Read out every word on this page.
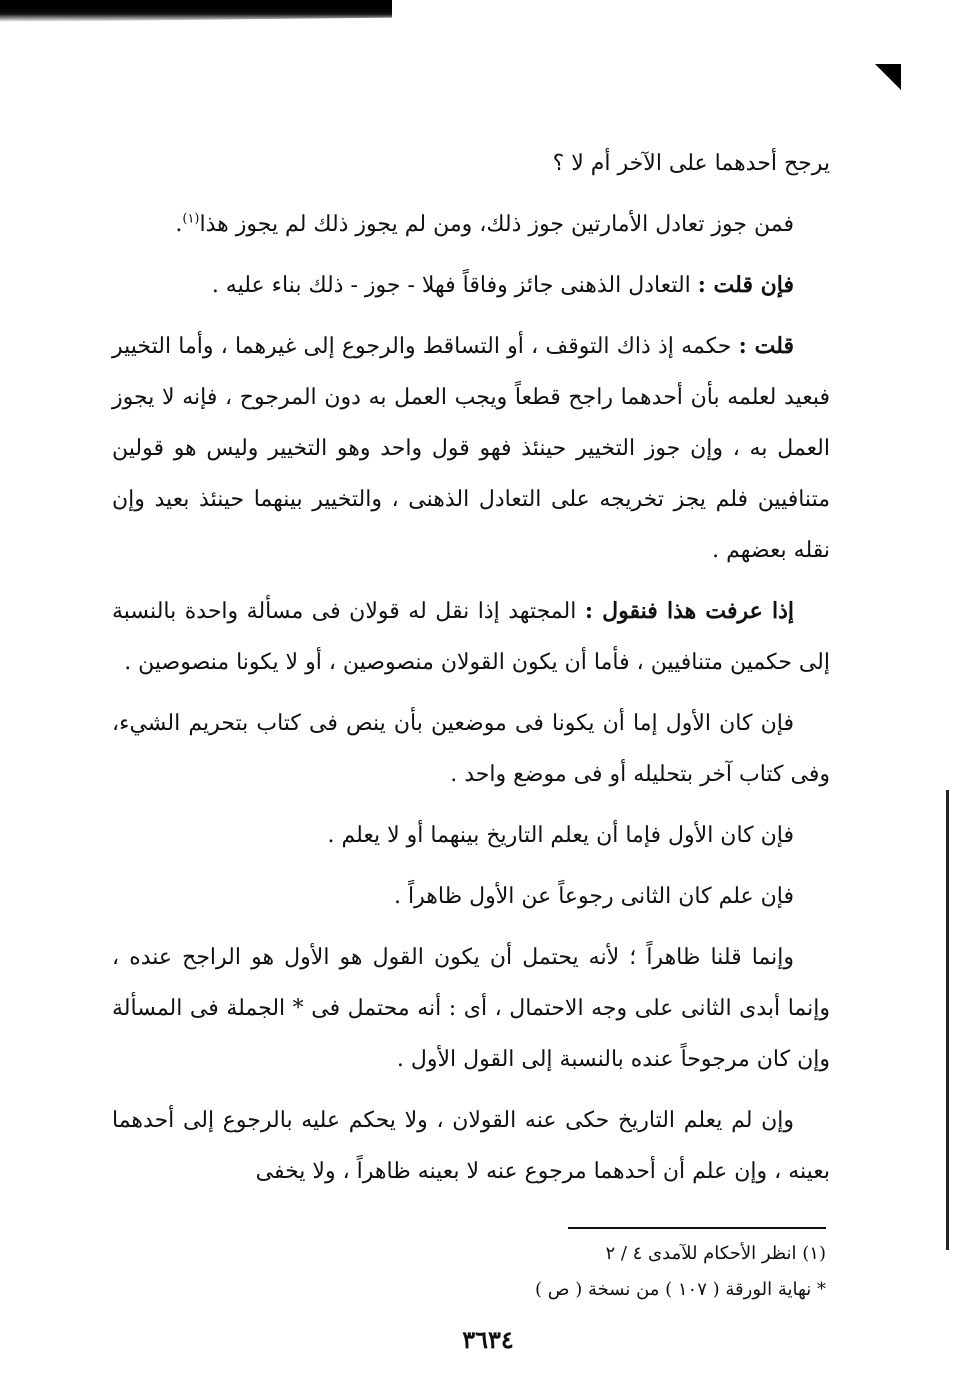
يرجح أحدهما على الآخر أم لا ؟

فمن جوز تعادل الأمارتين جوز ذلك، ومن لم يجوز ذلك لم يجوز هذا$^{(١)}$.

فإن قلت : التعادل الذهنى جائز وفاقاً فهلا - جوز - ذلك بناء عليه .

قلت : حكمه إذ ذاك التوقف ، أو التساقط والرجوع إلى غيرهما ، وأما التخيير فبعيد لعلمه بأن أحدهما راجح قطعاً ويجب العمل به دون المرجوح ، فإنه لا يجوز العمل به ، وإن جوز التخيير حينئذ فهو قول واحد وهو التخيير وليس هو قولين متنافيين فلم يجز تخريجه على التعادل الذهنى ، والتخيير بينهما حينئذ بعيد وإن نقله بعضهم .

إذا عرفت هذا فنقول : المجتهد إذا نقل له قولان فى مسألة واحدة بالنسبة إلى حكمين متنافيين ، فأما أن يكون القولان منصوصين ، أو لا يكونا منصوصين .

فإن كان الأول إما أن يكونا فى موضعين بأن ينص فى كتاب بتحريم الشيء، وفى كتاب آخر بتحليله أو فى موضع واحد .

فإن كان الأول فإما أن يعلم التاريخ بينهما أو لا يعلم .

فإن علم كان الثانى رجوعاً عن الأول ظاهراً .

وإنما قلنا ظاهراً ؛ لأنه يحتمل أن يكون القول هو الأول هو الراجح عنده ، وإنما أبدى الثانى على وجه الاحتمال ، أى : أنه محتمل فى * الجملة فى المسألة وإن كان مرجوحاً عنده بالنسبة إلى القول الأول .

وإن لم يعلم التاريخ حكى عنه القولان ، ولا يحكم عليه بالرجوع إلى أحدهما بعينه ، وإن علم أن أحدهما مرجوع عنه لا بعينه ظاهراً ، ولا يخفى

(١) انظر الأحكام للآمدى ٤ / ٢
* نهاية الورقة ( ١٠٧ ) من نسخة ( ص )
٣٦٣٤
